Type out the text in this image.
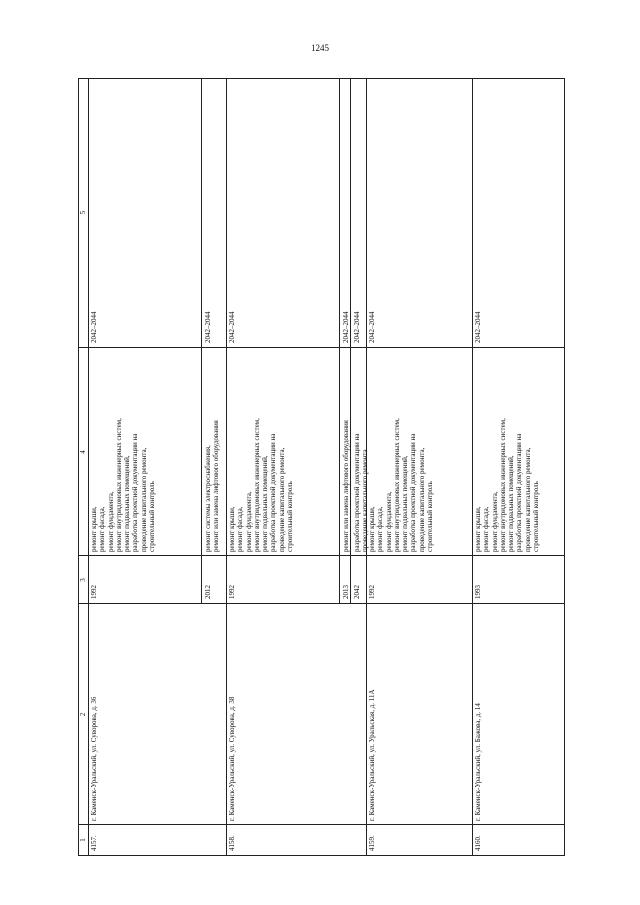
1245
1
2
3
4
5
4157.
г. Каменск-Уральский, ул. Суворова, д. 36
1992
ремонт крыши,
ремонт фасада,
ремонт фундамента,
ремонт внутридомовых инженерных систем,
ремонт подвальных помещений,
разработка проектной документации на
проведение капитального ремонта,
строительный контроль
2042–2044
2012
ремонт системы электроснабжения,
ремонт или замена лифтового оборудования
2042–2044
4158.
г. Каменск-Уральский, ул. Суворова, д. 38
1992
ремонт крыши,
ремонт фасада,
ремонт фундамента,
ремонт внутридомовых инженерных систем,
ремонт подвальных помещений,
разработка проектной документации на
проведение капитального ремонта,
строительный контроль
2042–2044
2013
ремонт или замена лифтового оборудования
2042–2044
2042
разработка проектной документации на
проведение капитального ремонта
2042–2044
4159.
г. Каменск-Уральский, ул. Уральская, д. 11А
1992
ремонт крыши,
ремонт фасада,
ремонт фундамента,
ремонт внутридомовых инженерных систем,
ремонт подвальных помещений,
разработка проектной документации на
проведение капитального ремонта,
строительный контроль
2042–2044
4160.
г. Каменск-Уральский, ул. Бажова, д. 14
1993
ремонт крыши,
ремонт фасада,
ремонт фундамента,
ремонт внутридомовых инженерных систем,
ремонт подвальных помещений,
разработка проектной документации на
проведение капитального ремонта,
строительный контроль
2042–2044
